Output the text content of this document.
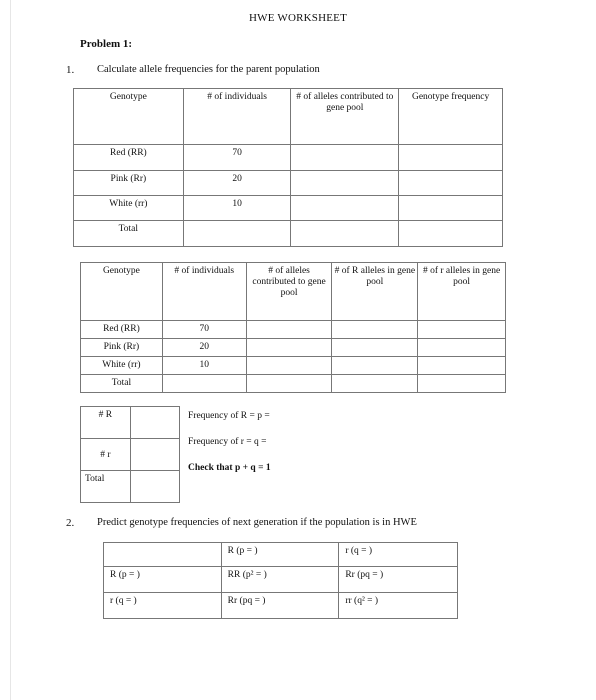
HWE WORKSHEET
Problem 1:
1. Calculate allele frequencies for the parent population
Genotype	# of individuals	# of alleles contributed to gene pool	Genotype frequency
Red (RR)	70		
Pink (Rr)	20		
White (rr)	10		
Total			
Genotype	# of individuals	# of alleles contributed to gene pool	# of R alleles in gene pool	# of r alleles in gene pool
Red (RR)	70			
Pink (Rr)	20			
White (rr)	10			
Total				
# R	
# r	
Total	
Frequency of R = p =
Frequency of r = q =
Check that p + q = 1
2. Predict genotype frequencies of next generation if the population is in HWE
	R (p = )	r (q = )
R (p = )	RR (p² = )	Rr (pq = )
r (q = )	Rr (pq = )	rr (q² = )
